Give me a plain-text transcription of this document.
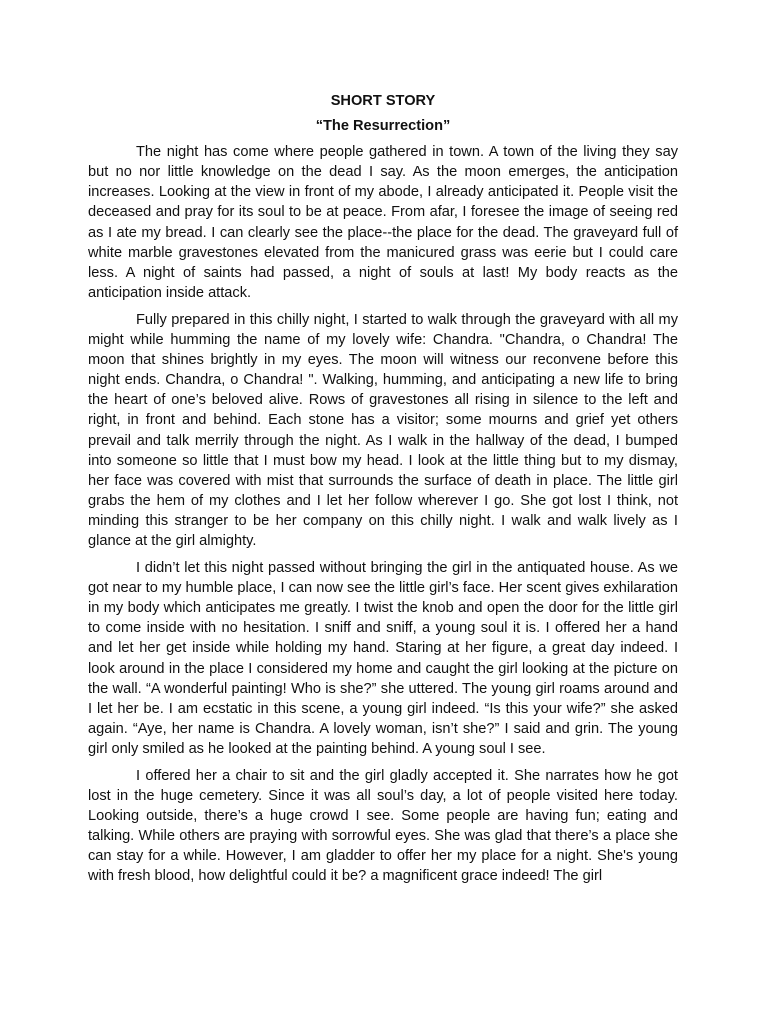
SHORT STORY

“The Resurrection”

The night has come where people gathered in town. A town of the living they say but no nor little knowledge on the dead I say. As the moon emerges, the anticipation increases. Looking at the view in front of my abode, I already anticipated it. People visit the deceased and pray for its soul to be at peace. From afar, I foresee the image of seeing red as I ate my bread. I can clearly see the place--the place for the dead. The graveyard full of white marble gravestones elevated from the manicured grass was eerie but I could care less. A night of saints had passed, a night of souls at last! My body reacts as the anticipation inside attack.

Fully prepared in this chilly night, I started to walk through the graveyard with all my might while humming the name of my lovely wife: Chandra. "Chandra, o Chandra! The moon that shines brightly in my eyes. The moon will witness our reconvene before this night ends. Chandra, o Chandra! ". Walking, humming, and anticipating a new life to bring the heart of one’s beloved alive. Rows of gravestones all rising in silence to the left and right, in front and behind. Each stone has a visitor; some mourns and grief yet others prevail and talk merrily through the night. As I walk in the hallway of the dead, I bumped into someone so little that I must bow my head. I look at the little thing but to my dismay, her face was covered with mist that surrounds the surface of death in place. The little girl grabs the hem of my clothes and I let her follow wherever I go. She got lost I think, not minding this stranger to be her company on this chilly night. I walk and walk lively as I glance at the girl almighty.

I didn’t let this night passed without bringing the girl in the antiquated house. As we got near to my humble place, I can now see the little girl’s face. Her scent gives exhilaration in my body which anticipates me greatly. I twist the knob and open the door for the little girl to come inside with no hesitation. I sniff and sniff, a young soul it is. I offered her a hand and let her get inside while holding my hand. Staring at her figure, a great day indeed. I look around in the place I considered my home and caught the girl looking at the picture on the wall. “A wonderful painting! Who is she?” she uttered. The young girl roams around and I let her be. I am ecstatic in this scene, a young girl indeed. “Is this your wife?” she asked again. “Aye, her name is Chandra. A lovely woman, isn’t she?” I said and grin. The young girl only smiled as he looked at the painting behind. A young soul I see.

I offered her a chair to sit and the girl gladly accepted it. She narrates how he got lost in the huge cemetery. Since it was all soul’s day, a lot of people visited here today. Looking outside, there’s a huge crowd I see. Some people are having fun; eating and talking. While others are praying with sorrowful eyes. She was glad that there’s a place she can stay for a while. However, I am gladder to offer her my place for a night. She's young with fresh blood, how delightful could it be? a magnificent grace indeed! The girl
